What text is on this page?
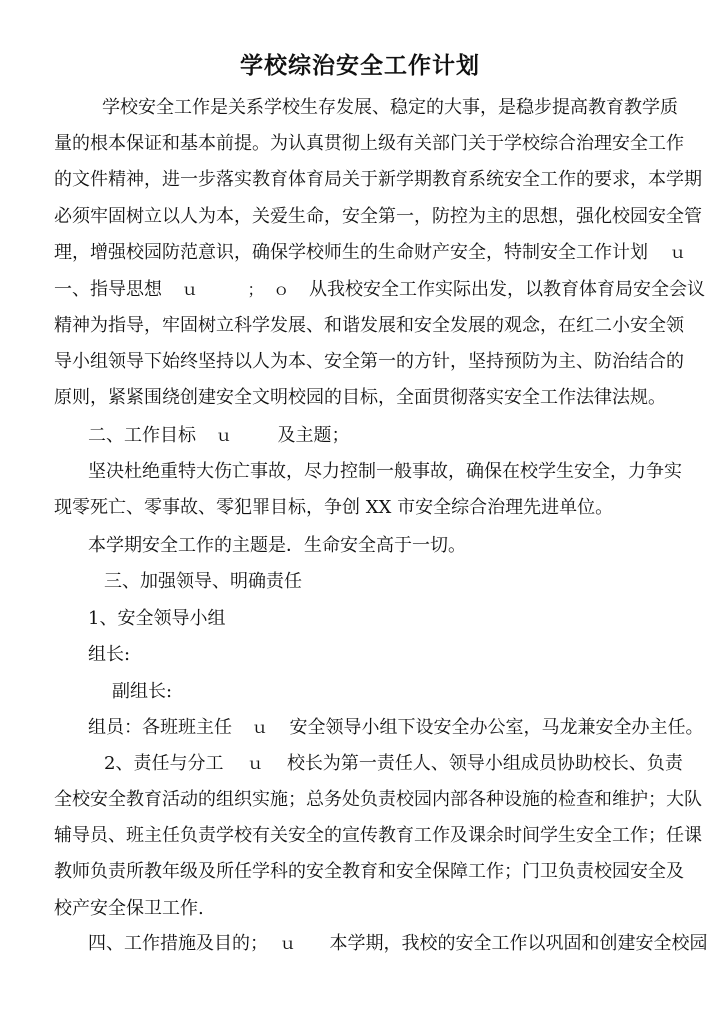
学校综治安全工作计划
学校安全工作是关系学校生存发展、稳定的大事，是稳步提高教育教学质
量的根本保证和基本前提。为认真贯彻上级有关部门关于学校综合治理安全工作
的文件精神，进一步落实教育体育局关于新学期教育系统安全工作的要求，本学期
必须牢固树立以人为本，关爱生命，安全第一，防控为主的思想，强化校园安全管
理，增强校园防范意识，确保学校师生的生命财产安全，特制安全工作计划 ｕ
一、指导思想 ｕ	； ｏ 从我校安全工作实际出发，以教育体育局安全会议
精神为指导，牢固树立科学发展、和谐发展和安全发展的观念，在红二小安全领
导小组领导下始终坚持以人为本、安全第一的方针，坚持预防为主、防治结合的
原则，紧紧围绕创建安全文明校园的目标，全面贯彻落实安全工作法律法规。
二、工作目标 ｕ	及主题；
坚决杜绝重特大伤亡事故，尽力控制一般事故，确保在校学生安全，力争实
现零死亡、零事故、零犯罪目标，争创 XX 市安全综合治理先进单位。
本学期安全工作的主题是．生命安全高于一切。
三、加强领导、明确责任
1、安全领导小组
组长:
副组长:
组员：各班班主任 ｕ 安全领导小组下设安全办公室，马龙兼安全办主任。
2、责任与分工 ｕ 校长为第一责任人、领导小组成员协助校长、负责
全校安全教育活动的组织实施；总务处负责校园内部各种设施的检查和维护；大队
辅导员、班主任负责学校有关安全的宣传教育工作及课余时间学生安全工作；任课
教师负责所教年级及所任学科的安全教育和安全保障工作；门卫负责校园安全及
校产安全保卫工作.
四、工作措施及目的； ｕ 本学期，我校的安全工作以巩固和创建安全校园
